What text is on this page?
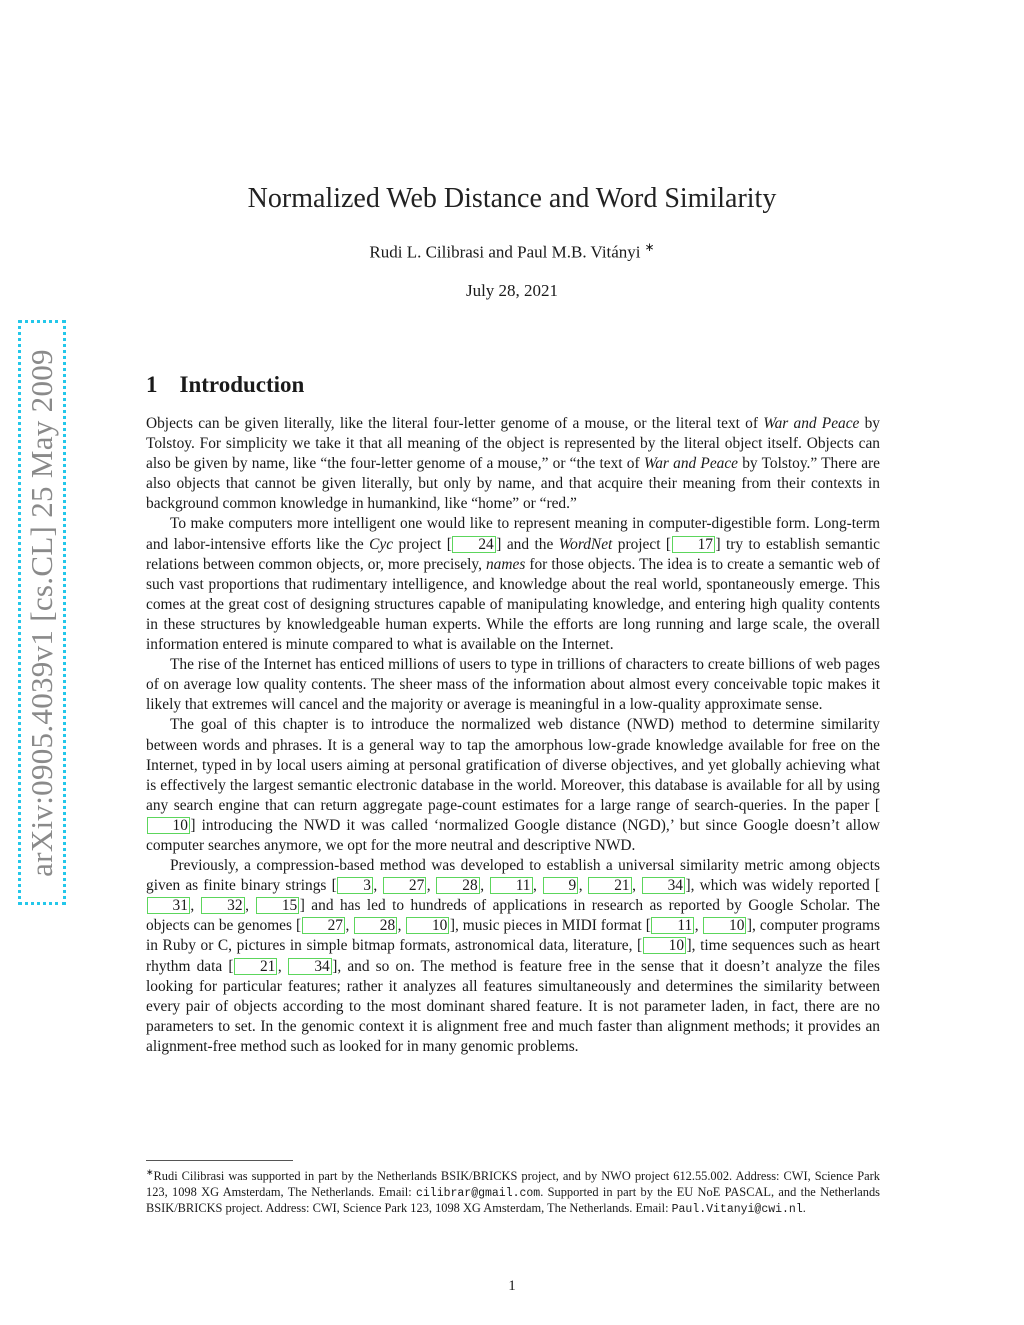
arXiv:0905.4039v1 [cs.CL] 25 May 2009
Normalized Web Distance and Word Similarity
Rudi L. Cilibrasi and Paul M.B. Vitányi ∗
July 28, 2021
1 Introduction

Objects can be given literally, like the literal four-letter genome of a mouse, or the literal text of War and Peace by Tolstoy. For simplicity we take it that all meaning of the object is represented by the literal object itself. Objects can also be given by name, like “the four-letter genome of a mouse,” or “the text of War and Peace by Tolstoy.” There are also objects that cannot be given literally, but only by name, and that acquire their meaning from their contexts in background common knowledge in humankind, like “home” or “red.”

To make computers more intelligent one would like to represent meaning in computer-digestible form. Long-term and labor-intensive efforts like the Cyc project [ 24 ] and the WordNet project [ 17 ] try to establish semantic relations between common objects, or, more precisely, names for those objects. The idea is to create a semantic web of such vast proportions that rudimentary intelligence, and knowledge about the real world, spontaneously emerge. This comes at the great cost of designing structures capable of manipulating knowledge, and entering high quality contents in these structures by knowledgeable human experts. While the efforts are long running and large scale, the overall information entered is minute compared to what is available on the Internet.

The rise of the Internet has enticed millions of users to type in trillions of characters to create billions of web pages of on average low quality contents. The sheer mass of the information about almost every conceivable topic makes it likely that extremes will cancel and the majority or average is meaningful in a low-quality approximate sense.

The goal of this chapter is to introduce the normalized web distance (NWD) method to determine similarity between words and phrases. It is a general way to tap the amorphous low-grade knowledge available for free on the Internet, typed in by local users aiming at personal gratification of diverse objectives, and yet globally achieving what is effectively the largest semantic electronic database in the world. Moreover, this database is available for all by using any search engine that can return aggregate page-count estimates for a large range of search-queries. In the paper [10 ] introducing the NWD it was called ‘normalized Google distance (NGD),’ but since Google doesn’t allow computer searches anymore, we opt for the more neutral and descriptive NWD.

Previously, a compression-based method was developed to establish a universal similarity metric among objects given as finite binary strings [ 3 , 27 , 28 , 11 , 9 , 21 , 34 ], which was widely reported [31 , 32 , 15 ] and has led to hundreds of applications in research as reported by Google Scholar. The objects can be genomes [ 27 , 28 , 10 ], music pieces in MIDI format [ 11 , 10 ], computer programs in Ruby or C, pictures in simple bitmap formats, astronomical data, literature, [ 10 ], time sequences such as heart rhythm data [ 21 , 34 ], and so on. The method is feature free in the sense that it doesn’t analyze the files looking for particular features; rather it analyzes all features simultaneously and determines the similarity between every pair of objects according to the most dominant shared feature. It is not parameter laden, in fact, there are no parameters to set. In the genomic context it is alignment free and much faster than alignment methods; it provides an alignment-free method such as looked for in many genomic problems.

∗Rudi Cilibrasi was supported in part by the Netherlands BSIK/BRICKS project, and by NWO project 612.55.002. Address: CWI, Science Park 123, 1098 XG Amsterdam, The Netherlands. Email: cilibrar@gmail.com. Supported in part by the EU NoE PASCAL, and the Netherlands BSIK/BRICKS project. Address: CWI, Science Park 123, 1098 XG Amsterdam, The Netherlands. Email: Paul.Vitanyi@cwi.nl.
1
